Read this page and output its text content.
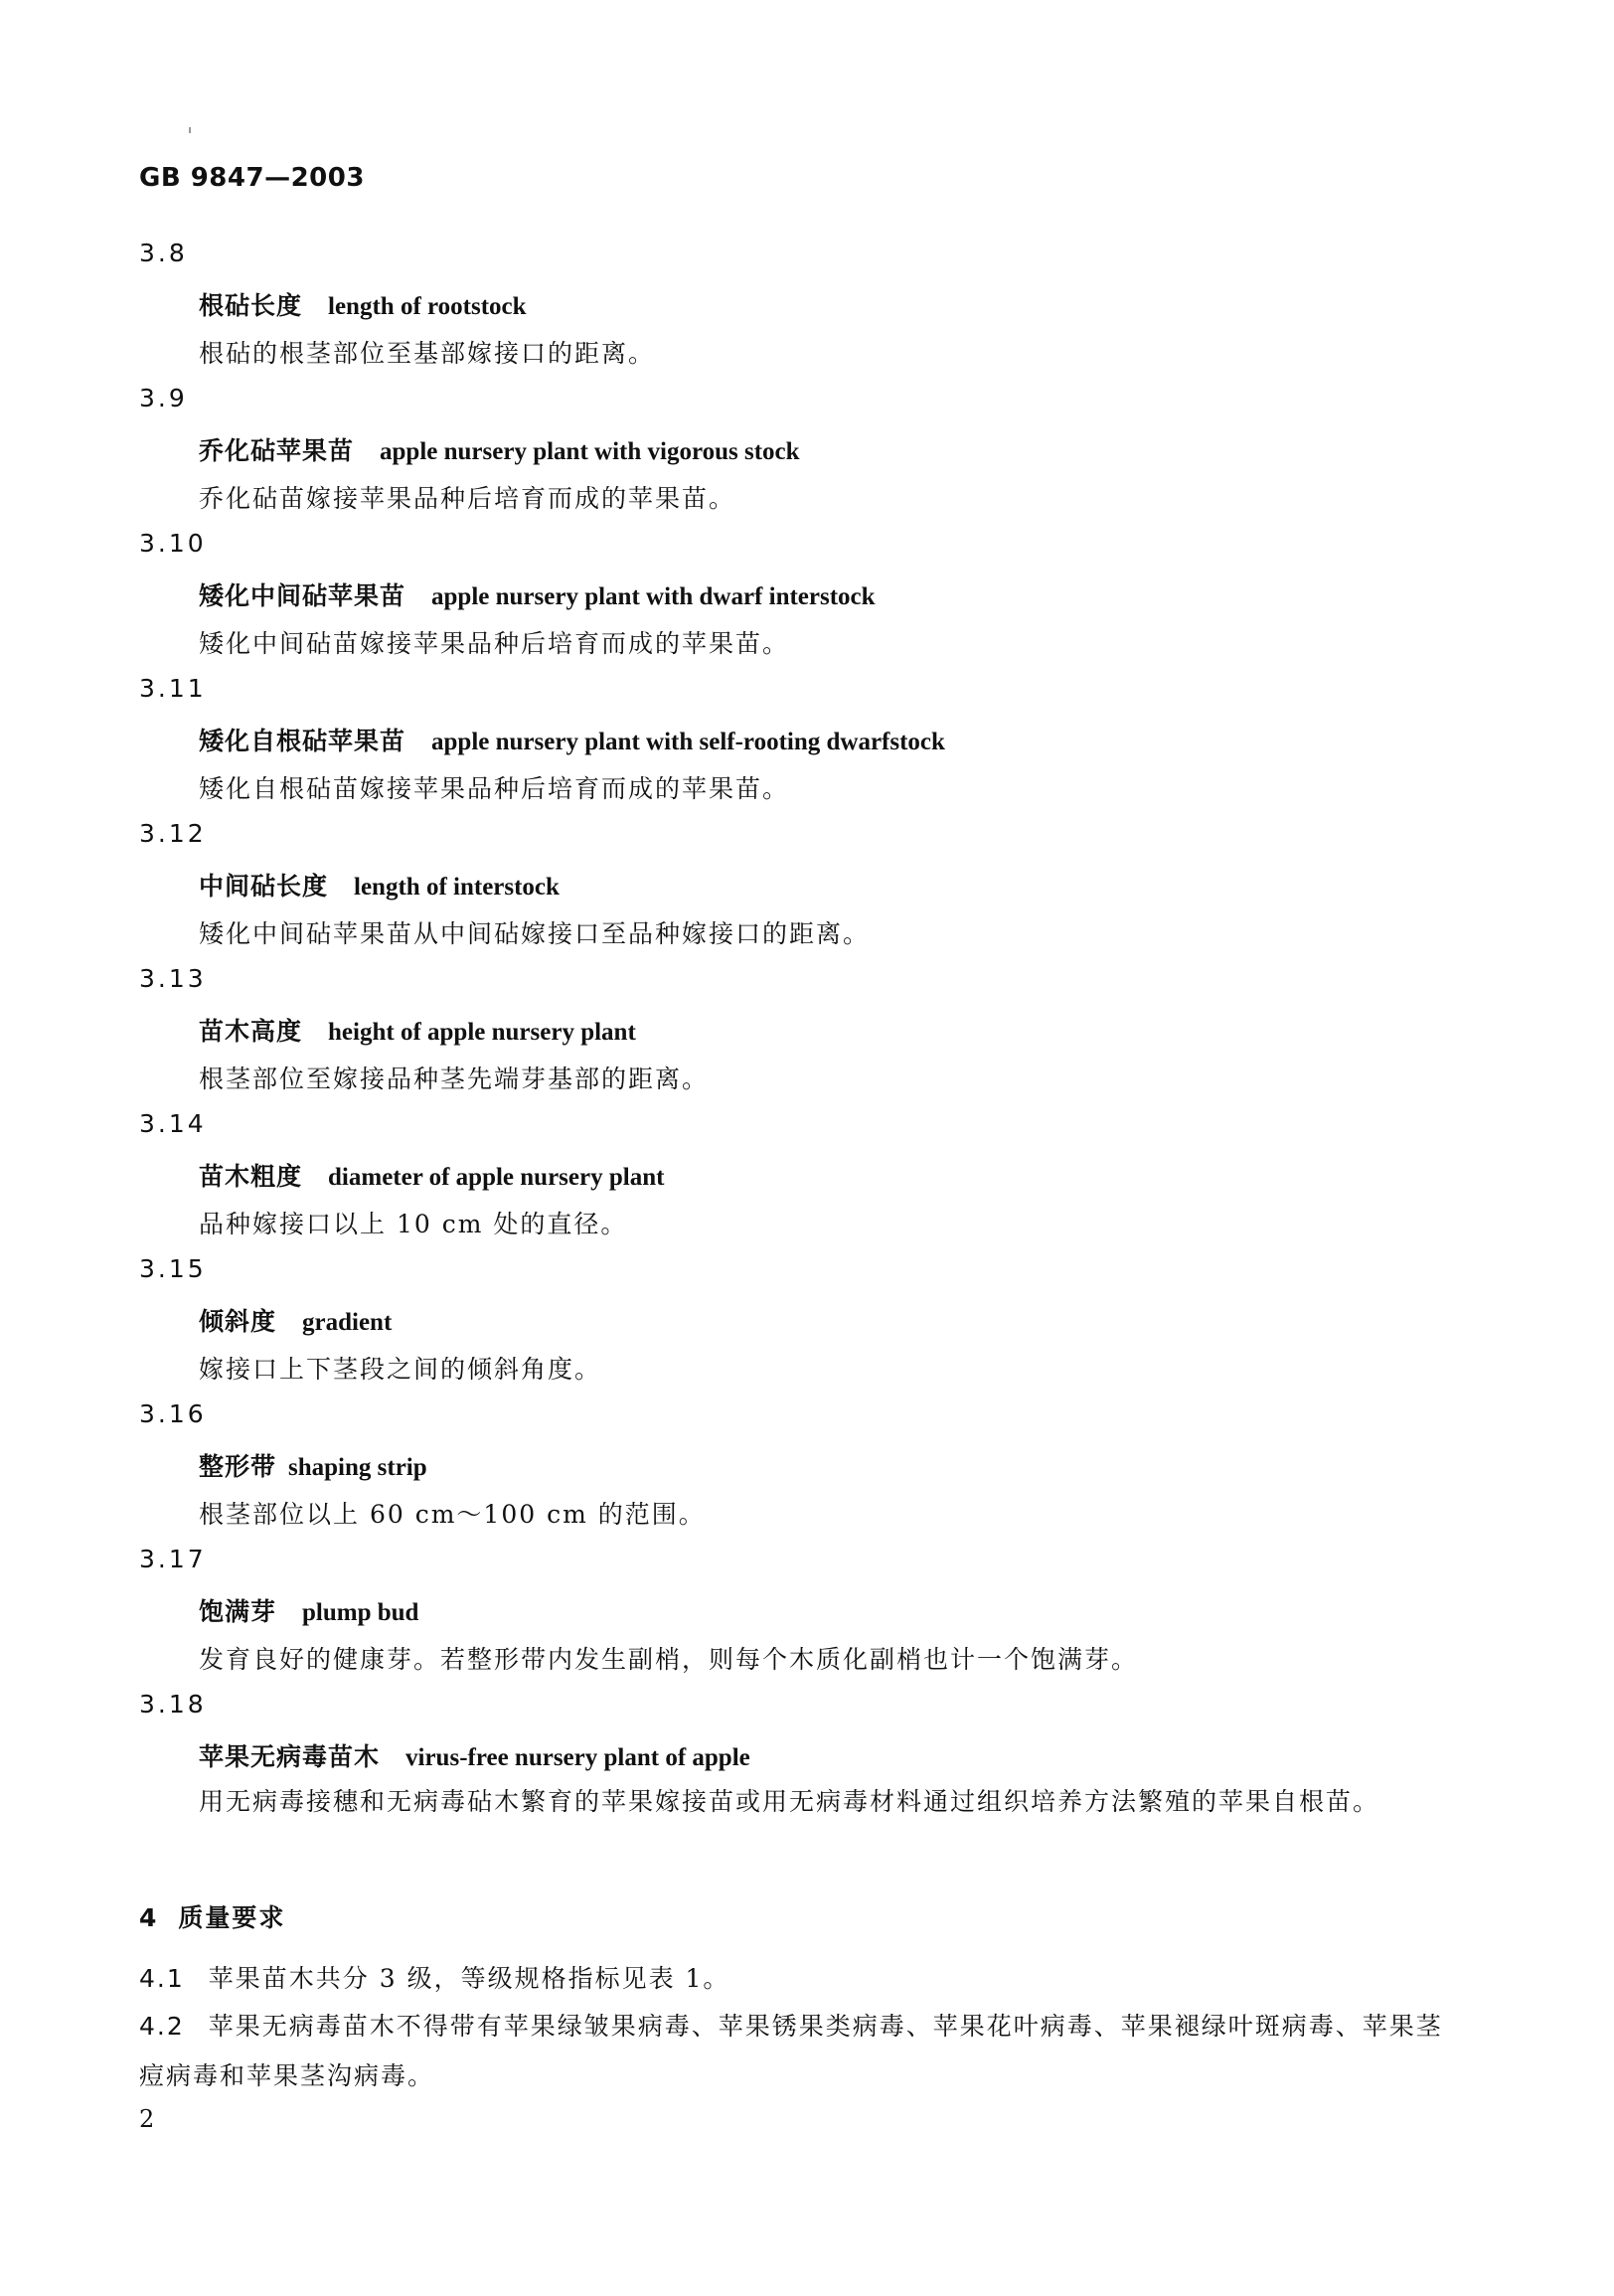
GB 9847—2003
3.8
根砧长度 length of rootstock
根砧的根茎部位至基部嫁接口的距离。
3.9
乔化砧苹果苗 apple nursery plant with vigorous stock
乔化砧苗嫁接苹果品种后培育而成的苹果苗。
3.10
矮化中间砧苹果苗 apple nursery plant with dwarf interstock
矮化中间砧苗嫁接苹果品种后培育而成的苹果苗。
3.11
矮化自根砧苹果苗 apple nursery plant with self-rooting dwarfstock
矮化自根砧苗嫁接苹果品种后培育而成的苹果苗。
3.12
中间砧长度 length of interstock
矮化中间砧苹果苗从中间砧嫁接口至品种嫁接口的距离。
3.13
苗木高度 height of apple nursery plant
根茎部位至嫁接品种茎先端芽基部的距离。
3.14
苗木粗度 diameter of apple nursery plant
品种嫁接口以上 10 cm 处的直径。
3.15
倾斜度 gradient
嫁接口上下茎段之间的倾斜角度。
3.16
整形带 shaping strip
根茎部位以上 60 cm～100 cm 的范围。
3.17
饱满芽 plump bud
发育良好的健康芽。若整形带内发生副梢，则每个木质化副梢也计一个饱满芽。
3.18
苹果无病毒苗木 virus-free nursery plant of apple
用无病毒接穗和无病毒砧木繁育的苹果嫁接苗或用无病毒材料通过组织培养方法繁殖的苹果自根苗。
4 质量要求
4.1 苹果苗木共分 3 级，等级规格指标见表 1。
4.2 苹果无病毒苗木不得带有苹果绿皱果病毒、苹果锈果类病毒、苹果花叶病毒、苹果褪绿叶斑病毒、苹果茎痘病毒和苹果茎沟病毒。
2
